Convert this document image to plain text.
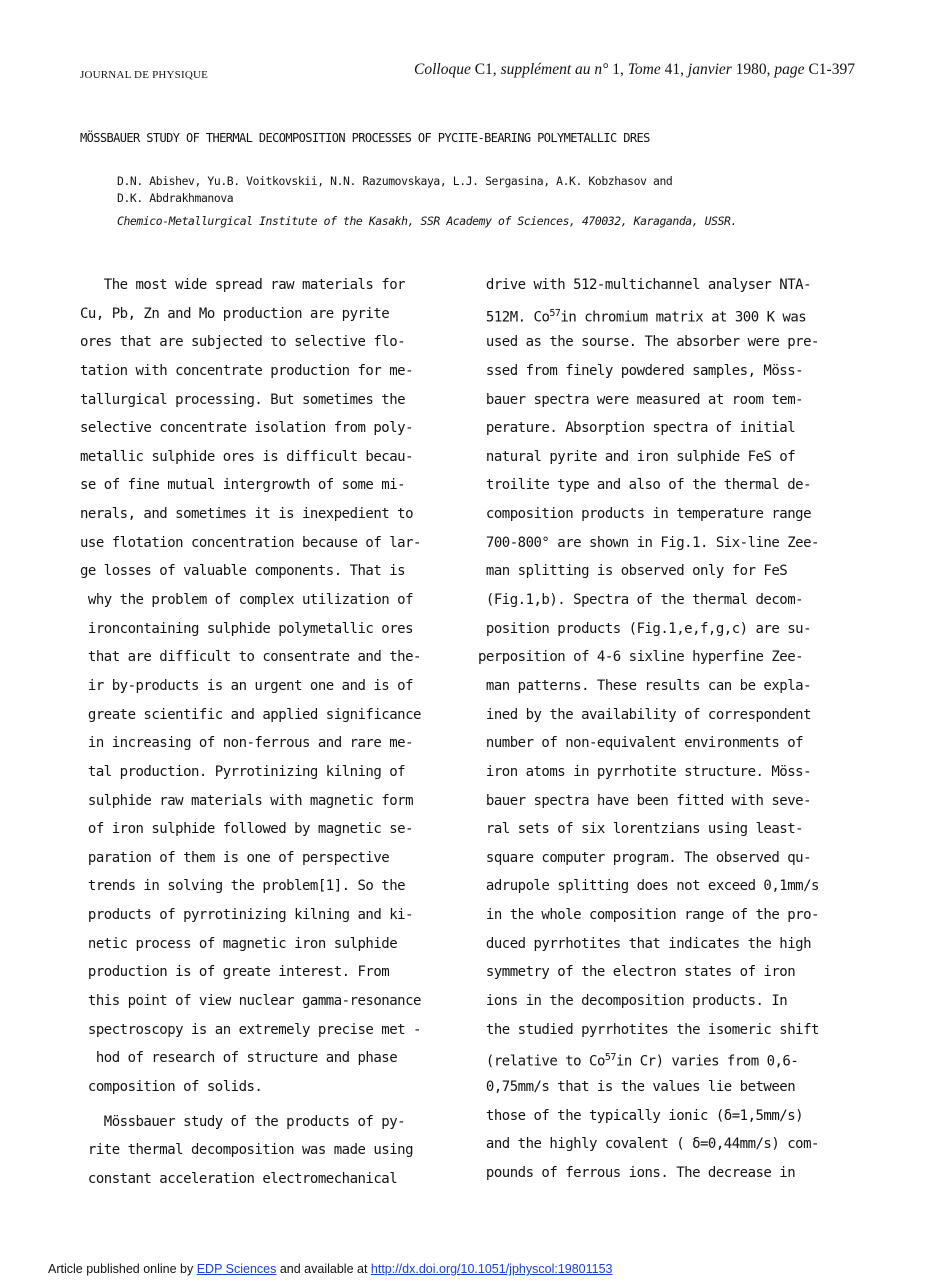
JOURNAL DE PHYSIQUE	Colloque C1, supplément au n° 1, Tome 41, janvier 1980, page C1-397
MÖSSBAUER STUDY OF THERMAL DECOMPOSITION PROCESSES OF PYCITE-BEARING POLYMETALLIC DRES
D.N. Abishev, Yu.B. Voitkovskii, N.N. Razumovskaya, L.J. Sergasina, A.K. Kobzhasov and
D.K. Abdrakhmanova
Chemico-Metallurgical Institute of the Kasakh, SSR Academy of Sciences, 470032, Karaganda, USSR.
The most wide spread raw materials for
Cu, Pb, Zn and Mo production are pyrite
ores that are subjected to selective flo-
tation with concentrate production for me-
tallurgical processing. But sometimes the
selective concentrate isolation from poly-
metallic sulphide ores is difficult becau-
se of fine mutual intergrowth of some mi-
nerals, and sometimes it is inexpedient to
use flotation concentration because of lar-
ge losses of valuable components. That is
why the problem of complex utilization of
ironcontaining sulphide polymetallic ores
that are difficult to consentrate and the-
ir by-products is an urgent one and is of
greate scientific and applied significance
in increasing of non-ferrous and rare me-
tal production. Pyrrotinizing kilning of
sulphide raw materials with magnetic form
of iron sulphide followed by magnetic se-
paration of them is one of perspective
trends in solving the problem[1]. So the
products of pyrrotinizing kilning and ki-
netic process of magnetic iron sulphide
production is of greate interest. From
this point of view nuclear gamma-resonance
spectroscopy is an extremely precise met -
hod of research of structure and phase
composition of solids.
Mössbauer study of the products of py-
rite thermal decomposition was made using
constant acceleration electromechanical
drive with 512-multichannel analyser NTA-
512M. Co$^{57}$in chromium matrix at 300 K was
used as the sourse. The absorber were pre-
ssed from finely powdered samples, Möss-
bauer spectra were measured at room tem-
perature. Absorption spectra of initial
natural pyrite and iron sulphide FeS of
troilite type and also of the thermal de-
composition products in temperature range
700-800° are shown in Fig.1. Six-line Zee-
man splitting is observed only for FeS
(Fig.1,b). Spectra of the thermal decom-
position products (Fig.1,e,f,g,c) are su-
perposition of 4-6 sixline hyperfine Zee-
man patterns. These results can be expla-
ined by the availability of correspondent
number of non-equivalent environments of
iron atoms in pyrrhotite structure. Möss-
bauer spectra have been fitted with seve-
ral sets of six lorentzians using least-
square computer program. The observed qu-
adrupole splitting does not exceed 0,1mm/s
in the whole composition range of the pro-
duced pyrrhotites that indicates the high
symmetry of the electron states of iron
ions in the decomposition products. In
the studied pyrrhotites the isomeric shift
(relative to Co$^{57}$in Cr) varies from 0,6-
0,75mm/s that is the values lie between
those of the typically ionic (δ=1,5mm/s)
and the highly covalent ( δ=0,44mm/s) com-
pounds of ferrous ions. The decrease in
Article published online by EDP Sciences and available at http://dx.doi.org/10.1051/jphyscol:19801153
